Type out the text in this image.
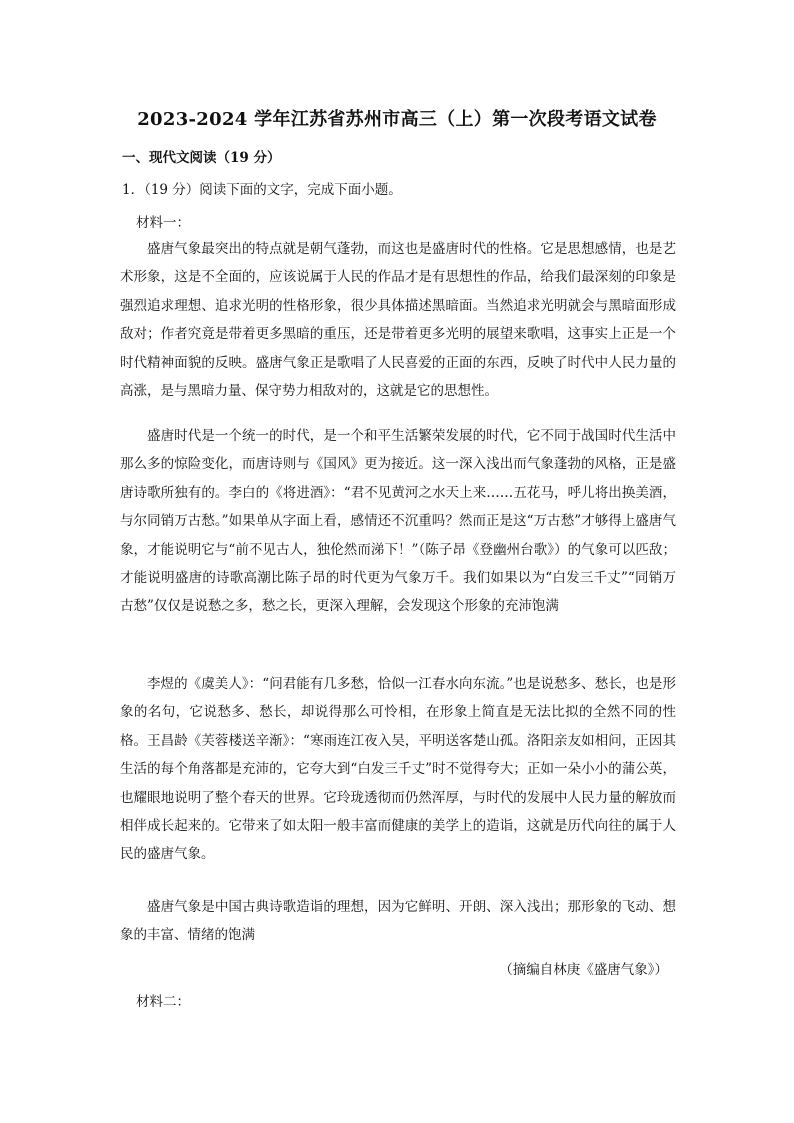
2023-2024 学年江苏省苏州市高三（上）第一次段考语文试卷
一、现代文阅读（19 分）
1．（19 分）阅读下面的文字，完成下面小题。
材料一：

盛唐气象最突出的特点就是朝气蓬勃，而这也是盛唐时代的性格。它是思想感情，也是艺术形象，这是不全面的，应该说属于人民的作品才是有思想性的作品，给我们最深刻的印象是强烈追求理想、追求光明的性格形象，很少具体描述黑暗面。当然追求光明就会与黑暗面形成敌对；作者究竟是带着更多黑暗的重压，还是带着更多光明的展望来歌唱，这事实上正是一个时代精神面貌的反映。盛唐气象正是歌唱了人民喜爱的正面的东西，反映了时代中人民力量的高涨，是与黑暗力量、保守势力相敌对的，这就是它的思想性。

盛唐时代是一个统一的时代，是一个和平生活繁荣发展的时代，它不同于战国时代生活中那么多的惊险变化，而唐诗则与《国风》更为接近。这一深入浅出而气象蓬勃的风格，正是盛唐诗歌所独有的。李白的《将进酒》：“君不见黄河之水天上来……五花马，呼儿将出换美酒，与尔同销万古愁。”如果单从字面上看，感情还不沉重吗？然而正是这“万古愁”才够得上盛唐气象，才能说明它与“前不见古人，独伦然而涕下！”（陈子昂《登幽州台歌》）的气象可以匹敌；才能说明盛唐的诗歌高潮比陈子昂的时代更为气象万千。我们如果以为“白发三千丈”“同销万古愁”仅仅是说愁之多，愁之长，更深入理解，会发现这个形象的充沛饱满

李煜的《虞美人》：“问君能有几多愁，恰似一江春水向东流。”也是说愁多、愁长，也是形象的名句，它说愁多、愁长，却说得那么可怜相，在形象上简直是无法比拟的全然不同的性格。王昌龄《芙蓉楼送辛渐》：“寒雨连江夜入吴，平明送客楚山孤。洛阳亲友如相问，正因其生活的每个角落都是充沛的，它夸大到“白发三千丈”时不觉得夸大；正如一朵小小的蒲公英，也耀眼地说明了整个春天的世界。它玲珑透彻而仍然浑厚，与时代的发展中人民力量的解放而相伴成长起来的。它带来了如太阳一般丰富而健康的美学上的造诣，这就是历代向往的属于人民的盛唐气象。

盛唐气象是中国古典诗歌造诣的理想，因为它鲜明、开朗、深入浅出；那形象的飞动、想象的丰富、情绪的饱满

（摘编自林庚《盛唐气象》）
材料二：
